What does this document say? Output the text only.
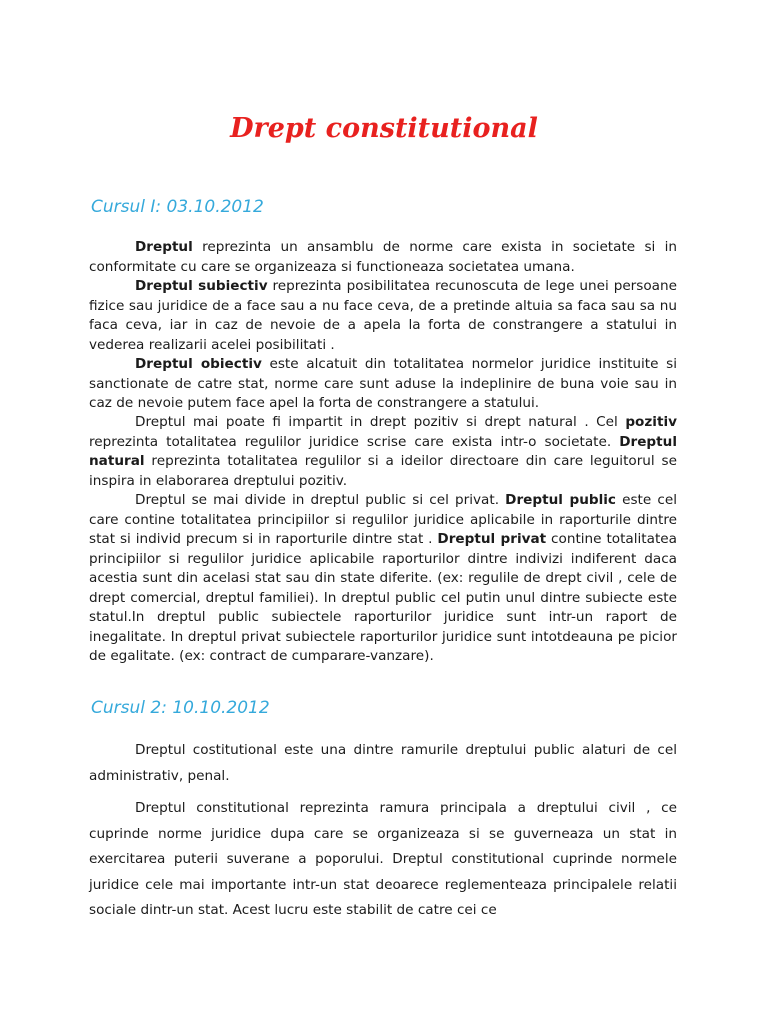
Drept constitutional
Cursul I: 03.10.2012

Dreptul reprezinta un ansamblu de norme care exista in societate si in conformitate cu care se organizeaza si functioneaza societatea umana.

Dreptul subiectiv reprezinta posibilitatea recunoscuta de lege unei persoane fizice sau juridice de a face sau a nu face ceva, de a pretinde altuia sa faca sau sa nu faca ceva, iar in caz de nevoie de a apela la forta de constrangere a statului in vederea realizarii acelei posibilitati .

Dreptul obiectiv este alcatuit din totalitatea normelor juridice instituite si sanctionate de catre stat, norme care sunt aduse la indeplinire de buna voie sau in caz de nevoie putem face apel la forta de constrangere a statului.

Dreptul mai poate fi impartit in drept pozitiv si drept natural . Cel pozitiv reprezinta totalitatea regulilor juridice scrise care exista intr-o societate. Dreptul natural reprezinta totalitatea regulilor si a ideilor directoare din care leguitorul se inspira in elaborarea dreptului pozitiv.

Dreptul se mai divide in dreptul public si cel privat. Dreptul public este cel care contine totalitatea principiilor si regulilor juridice aplicabile in raporturile dintre stat si individ precum si in raporturile dintre stat . Dreptul privat contine totalitatea principiilor si regulilor juridice aplicabile raporturilor dintre indivizi indiferent daca acestia sunt din acelasi stat sau din state diferite. (ex: regulile de drept civil , cele de drept comercial, dreptul familiei). In dreptul public cel putin unul dintre subiecte este statul.In dreptul public subiectele raporturilor juridice sunt intr-un raport de inegalitate. In dreptul privat subiectele raporturilor juridice sunt intotdeauna pe picior de egalitate. (ex: contract de cumparare-vanzare).

Cursul 2: 10.10.2012

Dreptul costitutional este una dintre ramurile dreptului public alaturi de cel administrativ, penal.

Dreptul constitutional reprezinta ramura principala a dreptului civil , ce cuprinde norme juridice dupa care se organizeaza si se guverneaza un stat in exercitarea puterii suverane a poporului. Dreptul constitutional cuprinde normele juridice cele mai importante intr-un stat deoarece reglementeaza principalele relatii sociale dintr-un stat. Acest lucru este stabilit de catre cei ce
